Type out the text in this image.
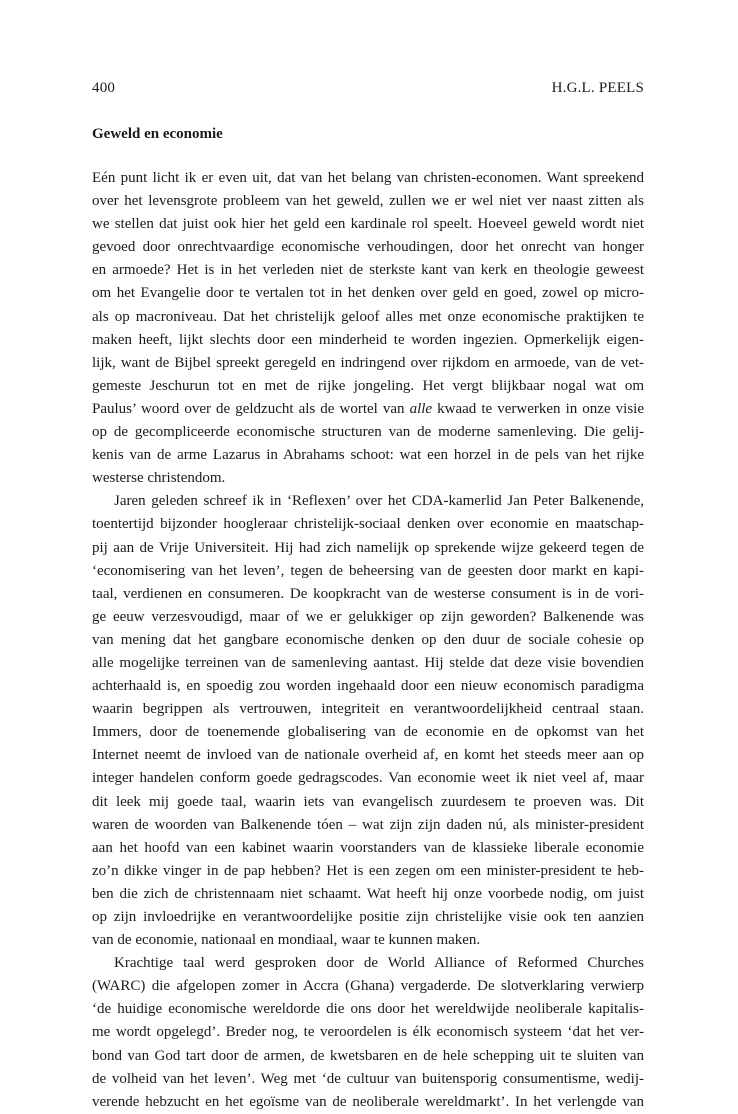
400	H.G.L. PEELS
Geweld en economie
Eén punt licht ik er even uit, dat van het belang van christen-economen. Want spreekend
over het levensgrote probleem van het geweld, zullen we er wel niet ver naast zitten als
we stellen dat juist ook hier het geld een kardinale rol speelt. Hoeveel geweld wordt niet
gevoed door onrechtvaardige economische verhoudingen, door het onrecht van honger
en armoede? Het is in het verleden niet de sterkste kant van kerk en theologie geweest
om het Evangelie door te vertalen tot in het denken over geld en goed, zowel op micro-
als op macroniveau. Dat het christelijk geloof alles met onze economische praktijken te
maken heeft, lijkt slechts door een minderheid te worden ingezien. Opmerkelijk eigen-
lijk, want de Bijbel spreekt geregeld en indringend over rijkdom en armoede, van de vet-
gemeste Jeschurun tot en met de rijke jongeling. Het vergt blijkbaar nogal wat om
Paulus’ woord over de geldzucht als de wortel van alle kwaad te verwerken in onze visie
op de gecompliceerde economische structuren van de moderne samenleving. Die gelij-
kenis van de arme Lazarus in Abrahams schoot: wat een horzel in de pels van het rijke
westerse christendom.
Jaren geleden schreef ik in ‘Reflexen’ over het CDA-kamerlid Jan Peter Balkenende,
toentertijd bijzonder hoogleraar christelijk-sociaal denken over economie en maatschap-
pij aan de Vrije Universiteit. Hij had zich namelijk op sprekende wijze gekeerd tegen de
‘economisering van het leven’, tegen de beheersing van de geesten door markt en kapi-
taal, verdienen en consumeren. De koopkracht van de westerse consument is in de vori-
ge eeuw verzesvoudigd, maar of we er gelukkiger op zijn geworden? Balkenende was
van mening dat het gangbare economische denken op den duur de sociale cohesie op
alle mogelijke terreinen van de samenleving aantast. Hij stelde dat deze visie bovendien
achterhaald is, en spoedig zou worden ingehaald door een nieuw economisch paradigma
waarin begrippen als vertrouwen, integriteit en verantwoordelijkheid centraal staan.
Immers, door de toenemende globalisering van de economie en de opkomst van het
Internet neemt de invloed van de nationale overheid af, en komt het steeds meer aan op
integer handelen conform goede gedragscodes. Van economie weet ik niet veel af, maar
dit leek mij goede taal, waarin iets van evangelisch zuurdesem te proeven was. Dit
waren de woorden van Balkenende tóen – wat zijn zijn daden nú, als minister-president
aan het hoofd van een kabinet waarin voorstanders van de klassieke liberale economie
zo’n dikke vinger in de pap hebben? Het is een zegen om een minister-president te heb-
ben die zich de christennaam niet schaamt. Wat heeft hij onze voorbede nodig, om juist
op zijn invloedrijke en verantwoordelijke positie zijn christelijke visie ook ten aanzien
van de economie, nationaal en mondiaal, waar te kunnen maken.
Krachtige taal werd gesproken door de World Alliance of Reformed Churches
(WARC) die afgelopen zomer in Accra (Ghana) vergaderde. De slotverklaring verwierp
‘de huidige economische wereldorde die ons door het wereldwijde neoliberale kapitalis-
me wordt opgelegd’. Breder nog, te veroordelen is élk economisch systeem ‘dat het ver-
bond van God tart door de armen, de kwetsbaren en de hele schepping uit te sluiten van
de volheid van het leven’. Weg met ‘de cultuur van buitensporig consumentisme, wedij-
verende hebzucht en het egoïsme van de neoliberale wereldmarkt’. In het verlengde van
